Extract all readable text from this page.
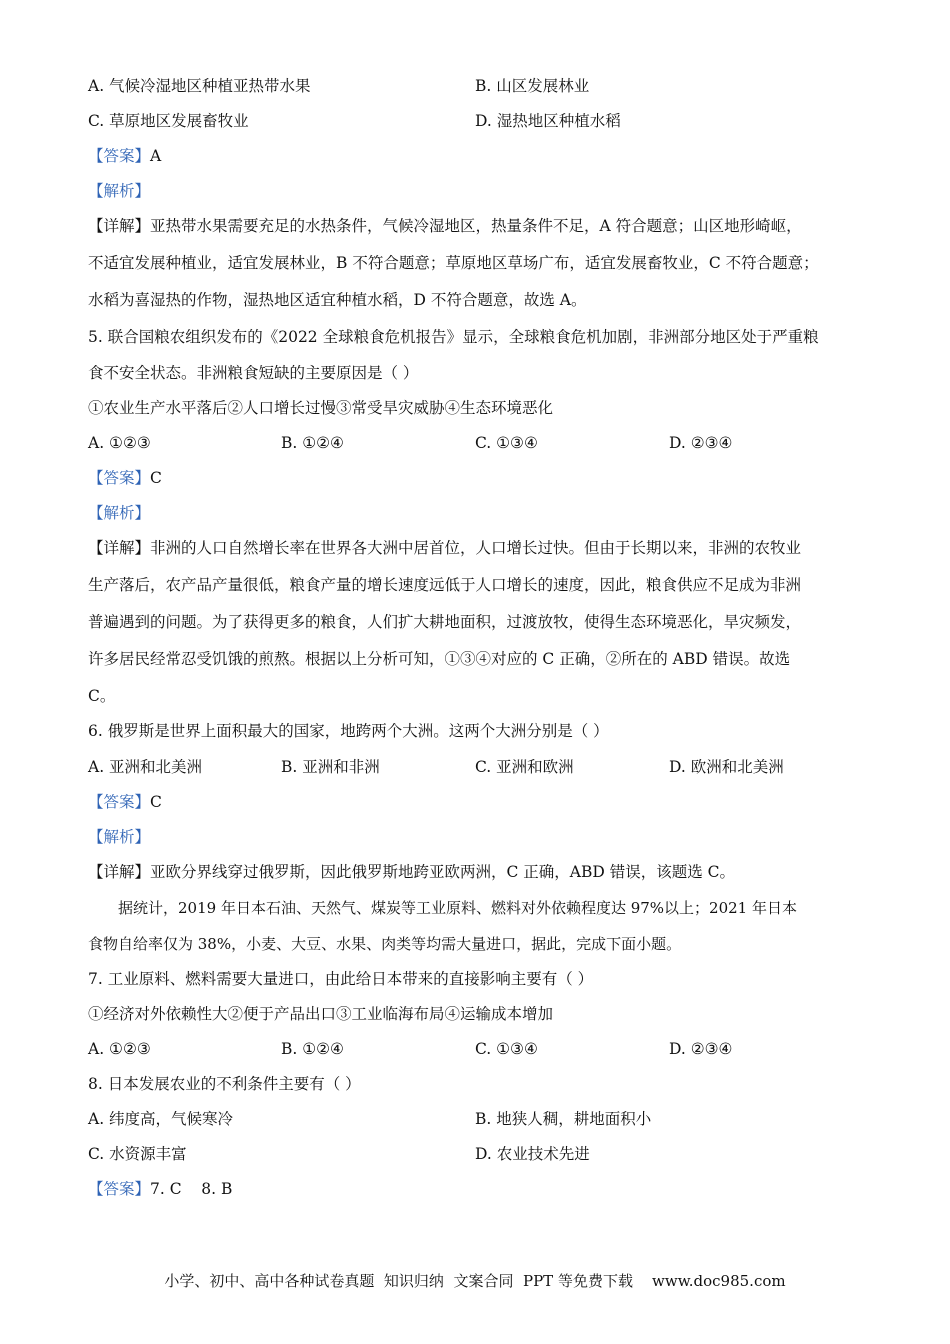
A. 气候冷湿地区种植亚热带水果	B. 山区发展林业
C. 草原地区发展畜牧业	D. 湿热地区种植水稻
【答案】A
【解析】
【详解】亚热带水果需要充足的水热条件，气候冷湿地区，热量条件不足，A 符合题意；山区地形崎岖，
不适宜发展种植业，适宜发展林业，B 不符合题意；草原地区草场广布，适宜发展畜牧业，C 不符合题意；
水稻为喜湿热的作物，湿热地区适宜种植水稻，D 不符合题意，故选 A。
5. 联合国粮农组织发布的《2022 全球粮食危机报告》显示，全球粮食危机加剧，非洲部分地区处于严重粮
食不安全状态。非洲粮食短缺的主要原因是（ ）
①农业生产水平落后②人口增长过慢③常受旱灾威胁④生态环境恶化
A. ①②③	B. ①②④	C. ①③④	D. ②③④
【答案】C
【解析】
【详解】非洲的人口自然增长率在世界各大洲中居首位，人口增长过快。但由于长期以来，非洲的农牧业
生产落后，农产品产量很低，粮食产量的增长速度远低于人口增长的速度，因此，粮食供应不足成为非洲
普遍遇到的问题。为了获得更多的粮食，人们扩大耕地面积，过渡放牧，使得生态环境恶化，旱灾频发，
许多居民经常忍受饥饿的煎熬。根据以上分析可知，①③④对应的 C 正确，②所在的 ABD 错误。故选
C。
6. 俄罗斯是世界上面积最大的国家，地跨两个大洲。这两个大洲分别是（ ）
A. 亚洲和北美洲	B. 亚洲和非洲	C. 亚洲和欧洲	D. 欧洲和北美洲
【答案】C
【解析】
【详解】亚欧分界线穿过俄罗斯，因此俄罗斯地跨亚欧两洲，C 正确，ABD 错误，该题选 C。
据统计，2019 年日本石油、天然气、煤炭等工业原料、燃料对外依赖程度达 97%以上；2021 年日本
食物自给率仅为 38%，小麦、大豆、水果、肉类等均需大量进口，据此，完成下面小题。
7. 工业原料、燃料需要大量进口，由此给日本带来的直接影响主要有（ ）
①经济对外依赖性大②便于产品出口③工业临海布局④运输成本增加
A. ①②③	B. ①②④	C. ①③④	D. ②③④
8. 日本发展农业的不利条件主要有（ ）
A. 纬度高，气候寒冷	B. 地狭人稠，耕地面积小
C. 水资源丰富	D. 农业技术先进
【答案】7. C    8. B
小学、初中、高中各种试卷真题  知识归纳  文案合同  PPT 等免费下载    www.doc985.com
